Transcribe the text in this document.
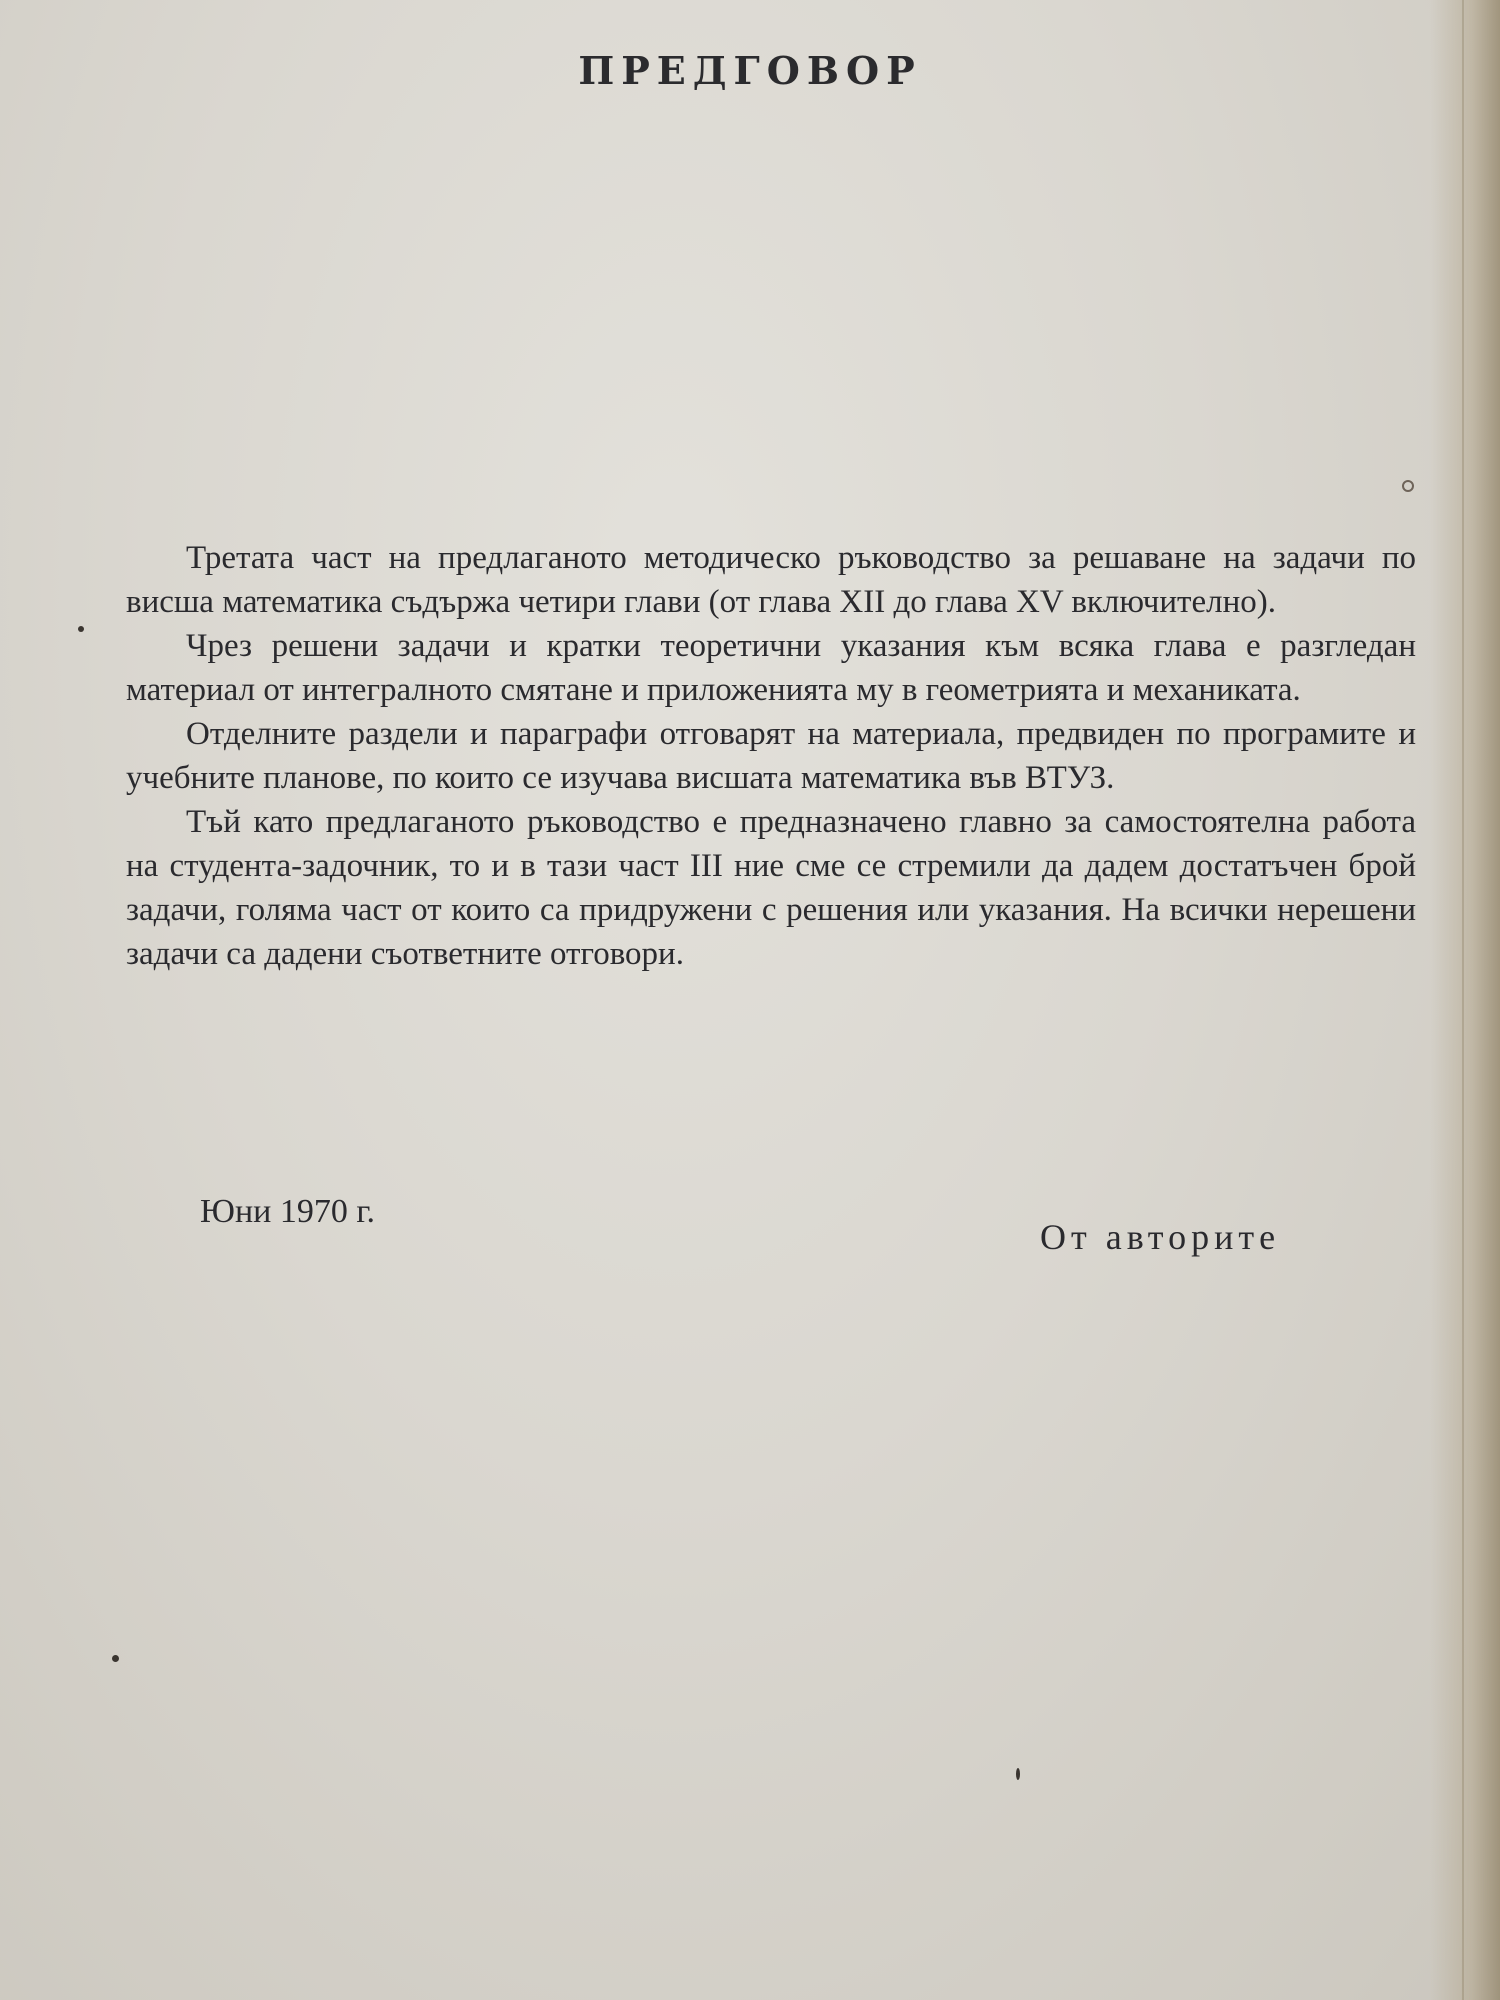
ПРЕДГОВОР

Третата част на предлаганото методическо ръководство за решаване на задачи по висша математика съдържа четири глави (от глава XII до глава XV включително).

Чрез решени задачи и кратки теоретични указания към всяка глава е разгледан материал от интегралното смятане и приложенията му в геометрията и механиката.

Отделните раздели и параграфи отговарят на материала, предвиден по програмите и учебните планове, по които се изучава висшата математика във ВТУЗ.

Тъй като предлаганото ръководство е предназначено главно за самостоятелна работа на студента-задочник, то и в тази част III ние сме се стремили да дадем достатъчен брой задачи, голяма част от които са придружени с решения или указания. На всички нерешени задачи са дадени съответните отговори.

Юни 1970 г.
От авторите
